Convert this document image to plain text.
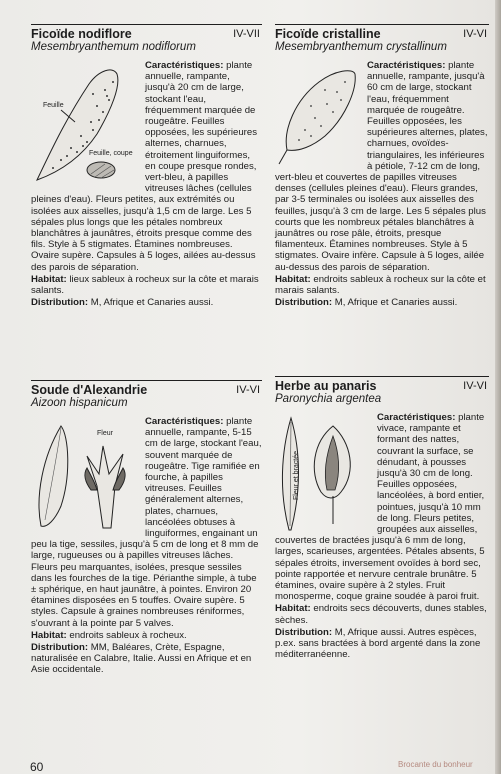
Ficoïde nodiflore	IV-VII
Mesembryanthemum nodiflorum
Feuille
Feuille, coupe

Caractéristiques: plante annuelle, rampante, jusqu'à 20 cm de large, stockant l'eau, fréquemment marquée de rougeâtre. Feuilles opposées, les supérieures alternes, charnues, étroitement linguiformes, en coupe presque rondes, vert-bleu, à papilles vitreuses lâches (cellules pleines d'eau). Fleurs petites, aux extrémités ou isolées aux aisselles, jusqu'à 1,5 cm de large. Les 5 sépales plus longs que les pétales nombreux blanchâtres à jaunâtres, étroits presque comme des fils. Style à 5 stigmates. Étamines nombreuses. Ovaire supère. Capsules à 5 loges, ailées au-dessus des parois de séparation.

Habitat: lieux sableux à rocheux sur la côte et marais salants.

Distribution: M, Afrique et Canaries aussi.

Ficoïde cristalline	IV-VI
Mesembryanthemum crystallinum

Caractéristiques: plante annuelle, rampante, jusqu'à 60 cm de large, stockant l'eau, fréquemment marquée de rougeâtre. Feuilles opposées, les supérieures alternes, plates, charnues, ovoïdes-triangulaires, les inférieures à pétiole, 7-12 cm de long, vert-bleu et couvertes de papilles vitreuses denses (cellules pleines d'eau). Fleurs grandes, par 3-5 terminales ou isolées aux aisselles des feuilles, jusqu'à 3 cm de large. Les 5 sépales plus courts que les nombreux pétales blanchâtres à jaunâtres ou rose pâle, étroits, presque filamenteux. Étamines nombreuses. Style à 5 stigmates. Ovaire infère. Capsule à 5 loges, ailée au-dessus des parois de séparation.

Habitat: endroits sableux à rocheux sur la côte et marais salants.

Distribution: M, Afrique et Canaries aussi.

Soude d'Alexandrie	IV-VI
Aizoon hispanicum
Fleur

Caractéristiques: plante annuelle, rampante, 5-15 cm de large, stockant l'eau, souvent marquée de rougeâtre. Tige ramifiée en fourche, à papilles vitreuses. Feuilles généralement alternes, plates, charnues, lancéolées obtuses à linguiformes, engainant un peu la tige, sessiles, jusqu'à 5 cm de long et 8 mm de large, rugueuses ou à papilles vitreuses lâches. Fleurs peu marquantes, isolées, presque sessiles dans les fourches de la tige. Périanthe simple, à tube ± sphérique, en haut jaunâtre, à pointes. Environ 20 étamines disposées en 5 touffes. Ovaire supère. 5 styles. Capsule à graines nombreuses réniformes, s'ouvrant à la pointe par 5 valves.

Habitat: endroits sableux à rocheux.

Distribution: MM, Baléares, Crète, Espagne, naturalisée en Calabre, Italie. Aussi en Afrique et en Asie occidentale.

Herbe au panaris	IV-VI
Paronychia argentea
Fleur et bractée

Caractéristiques: plante vivace, rampante et formant des nattes, couvrant la surface, se dénudant, à pousses jusqu'à 30 cm de long. Feuilles opposées, lancéolées, à bord entier, pointues, jusqu'à 10 mm de long. Fleurs petites, groupées aux aisselles, couvertes de bractées jusqu'à 6 mm de long, larges, scarieuses, argentées. Pétales absents, 5 sépales étroits, inversement ovoïdes à bord sec, pointe rapportée et nervure centrale brunâtre. 5 étamines, ovaire supère à 2 styles. Fruit monosperme, coque graine soudée à paroi fruit.

Habitat: endroits secs découverts, dunes stables, sèches.

Distribution: M, Afrique aussi. Autres espèces, p.ex. sans bractées à bord argenté dans la zone méditerranéenne.

60	Brocante du bonheur
